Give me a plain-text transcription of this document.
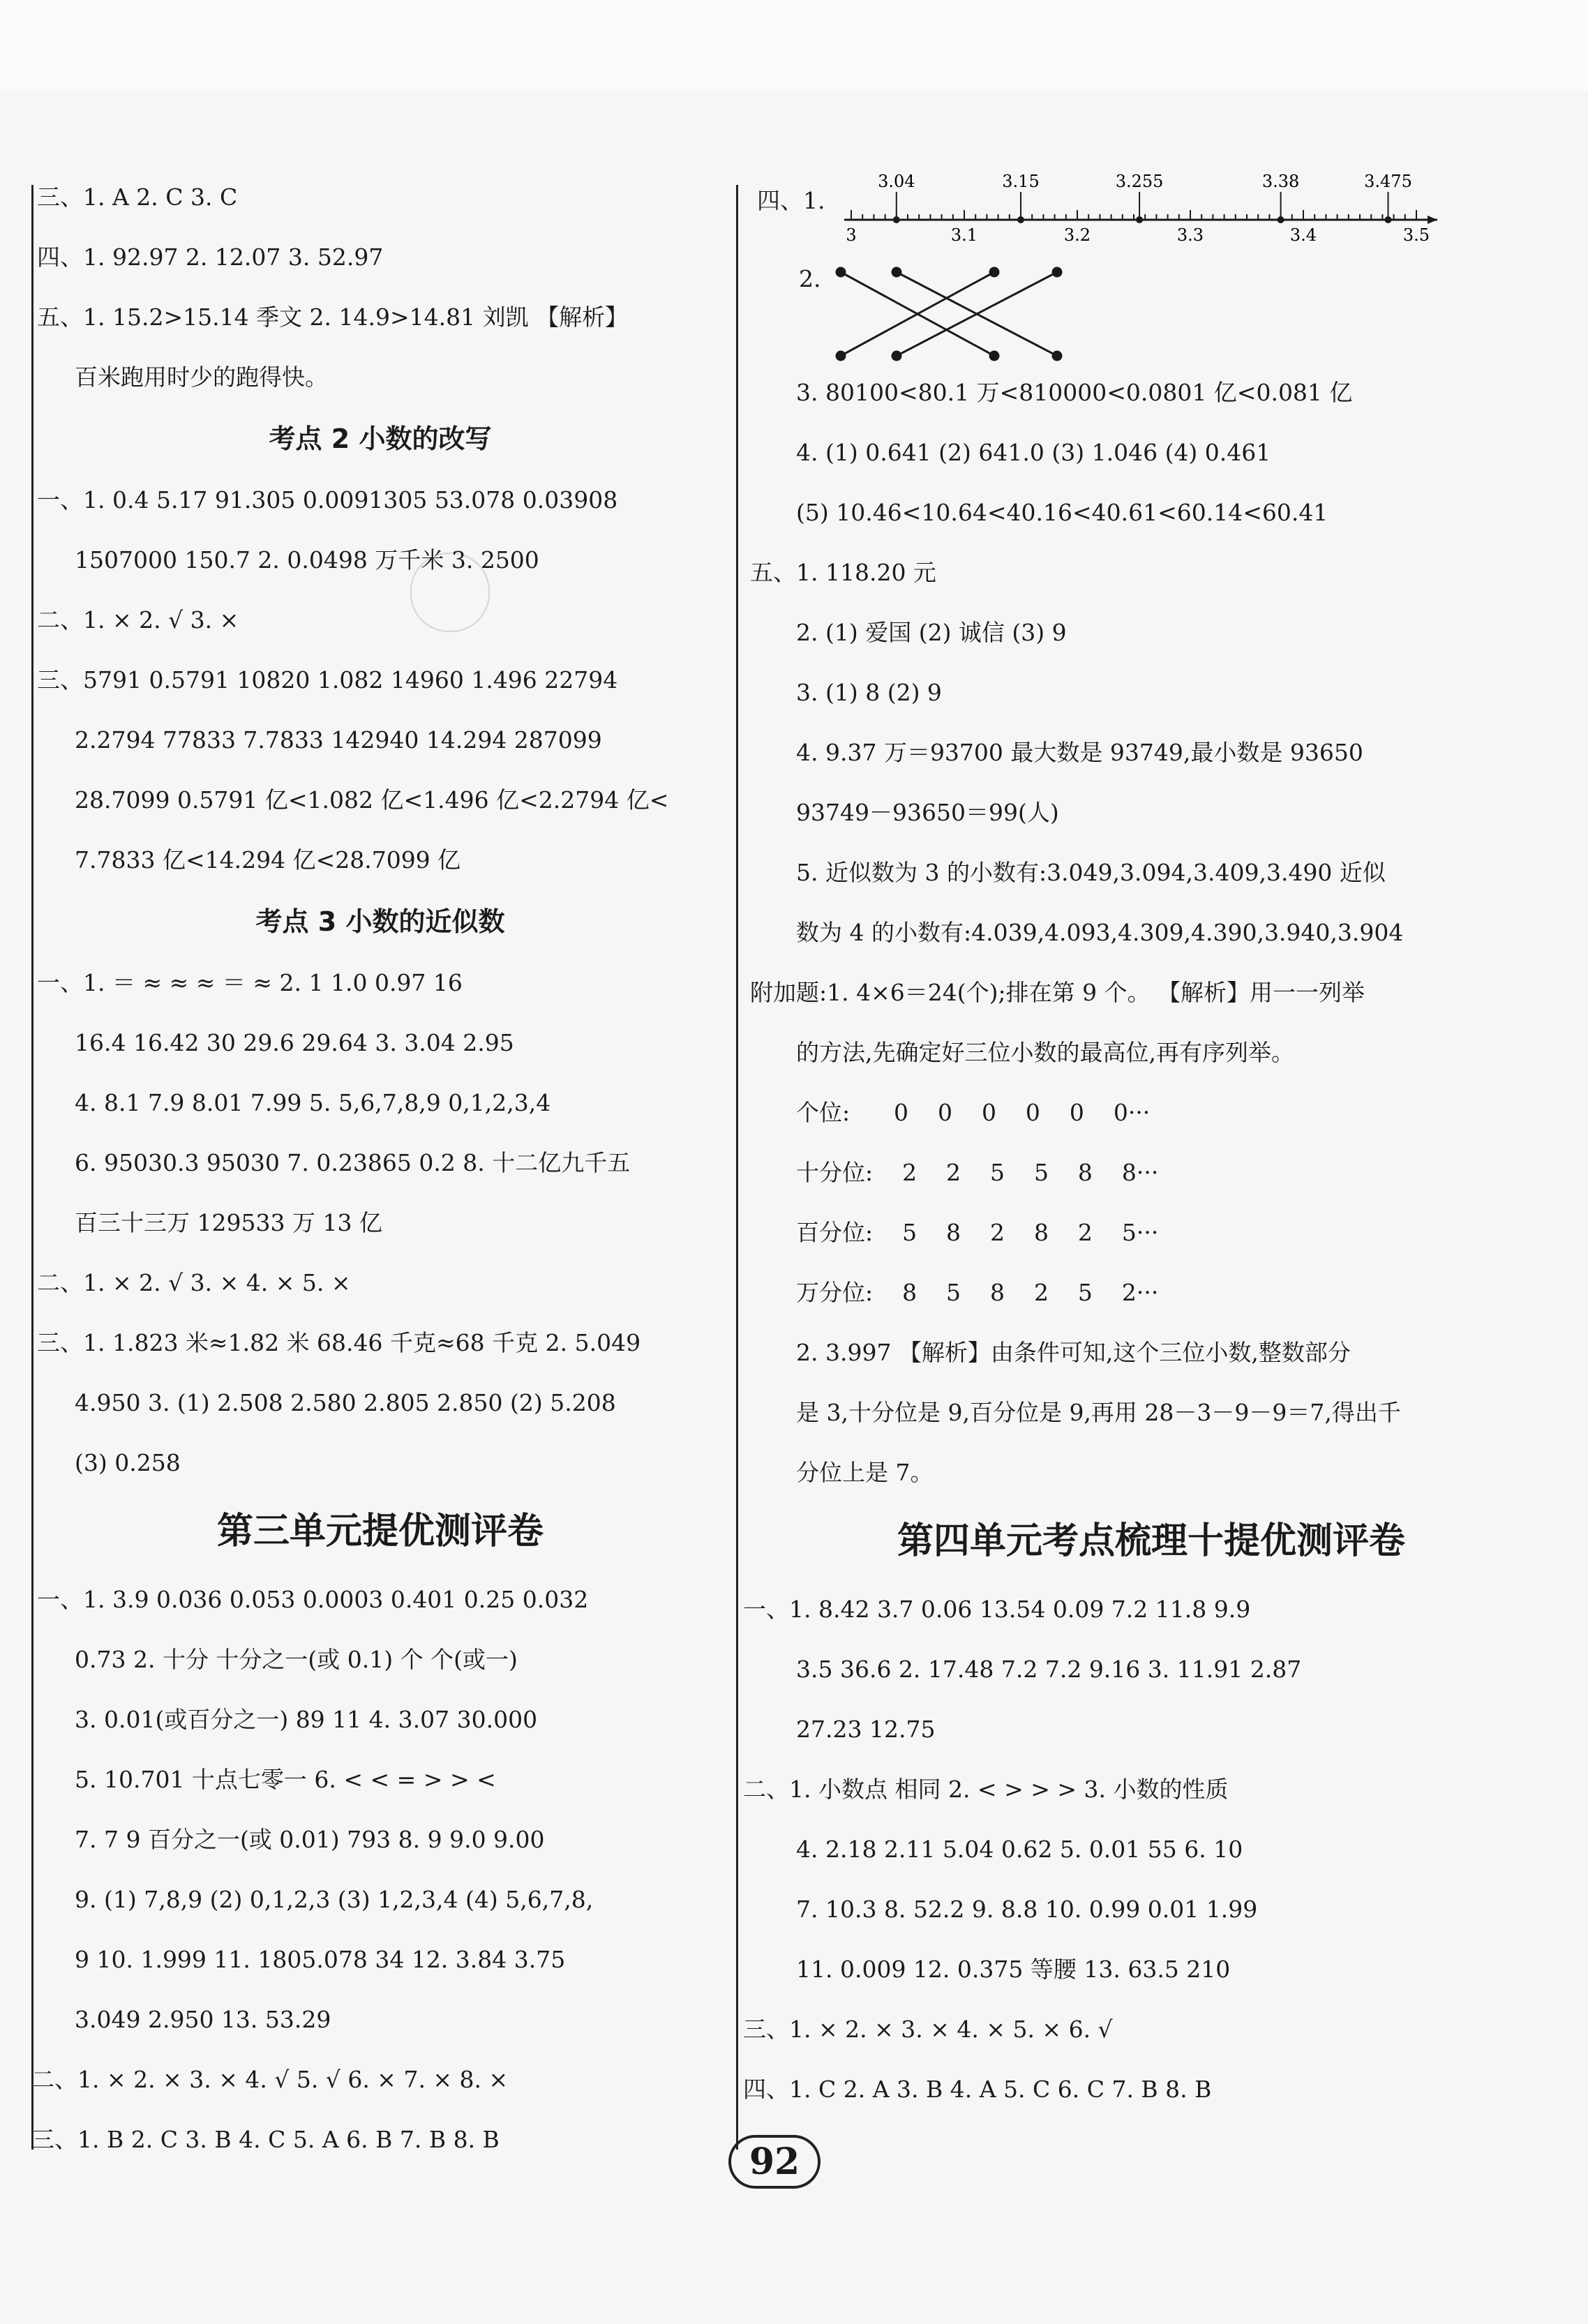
三、1. A 2. C 3. C
四、1. 92.97 2. 12.07 3. 52.97
五、1. 15.2>15.14 季文 2. 14.9>14.81 刘凯 【解析】
百米跑用时少的跑得快。
考点 2 小数的改写
一、1. 0.4 5.17 91.305 0.0091305 53.078 0.03908
1507000 150.7 2. 0.0498 万千米 3. 2500
二、1. × 2. √ 3. ×
三、5791 0.5791 10820 1.082 14960 1.496 22794
2.2794 77833 7.7833 142940 14.294 287099
28.7099 0.5791 亿<1.082 亿<1.496 亿<2.2794 亿<
7.7833 亿<14.294 亿<28.7099 亿
考点 3 小数的近似数
一、1. ＝ ≈ ≈ ≈ ＝ ≈ 2. 1 1.0 0.97 16
16.4 16.42 30 29.6 29.64 3. 3.04 2.95
4. 8.1 7.9 8.01 7.99 5. 5,6,7,8,9 0,1,2,3,4
6. 95030.3 95030 7. 0.23865 0.2 8. 十二亿九千五
百三十三万 129533 万 13 亿
二、1. × 2. √ 3. × 4. × 5. ×
三、1. 1.823 米≈1.82 米 68.46 千克≈68 千克 2. 5.049
4.950 3. (1) 2.508 2.580 2.805 2.850 (2) 5.208
(3) 0.258
第三单元提优测评卷
一、1. 3.9 0.036 0.053 0.0003 0.401 0.25 0.032
0.73 2. 十分 十分之一(或 0.1) 个 个(或一)
3. 0.01(或百分之一) 89 11 4. 3.07 30.000
5. 10.701 十点七零一 6. < < = > > <
7. 7 9 百分之一(或 0.01) 793 8. 9 9.0 9.00
9. (1) 7,8,9 (2) 0,1,2,3 (3) 1,2,3,4 (4) 5,6,7,8,
9 10. 1.999 11. 1805.078 34 12. 3.84 3.75
3.049 2.950 13. 53.29
二、1. × 2. × 3. × 4. √ 5. √ 6. × 7. × 8. ×
三、1. B 2. C 3. B 4. C 5. A 6. B 7. B 8. B
四、1.
3	3.1	3.2	3.3	3.4	3.5
3.04	3.15	3.255	3.38	3.475
2.
3. 80100<80.1 万<810000<0.0801 亿<0.081 亿
4. (1) 0.641 (2) 641.0 (3) 1.046 (4) 0.461
(5) 10.46<10.64<40.16<40.61<60.14<60.41
五、1. 118.20 元
2. (1) 爱国 (2) 诚信 (3) 9
3. (1) 8 (2) 9
4. 9.37 万＝93700 最大数是 93749,最小数是 93650
93749－93650＝99(人)
5. 近似数为 3 的小数有:3.049,3.094,3.409,3.490 近似
数为 4 的小数有:4.039,4.093,4.309,4.390,3.940,3.904
附加题:1. 4×6＝24(个);排在第 9 个。 【解析】用一一列举
的方法,先确定好三位小数的最高位,再有序列举。
个位:      0    0    0    0    0    0···
十分位:    2    2    5    5    8    8···
百分位:    5    8    2    8    2    5···
万分位:    8    5    8    2    5    2···
2. 3.997 【解析】由条件可知,这个三位小数,整数部分
是 3,十分位是 9,百分位是 9,再用 28－3－9－9＝7,得出千
分位上是 7。
第四单元考点梳理十提优测评卷
一、1. 8.42 3.7 0.06 13.54 0.09 7.2 11.8 9.9
3.5 36.6 2. 17.48 7.2 7.2 9.16 3. 11.91 2.87
27.23 12.75
二、1. 小数点 相同 2. < > > > 3. 小数的性质
4. 2.18 2.11 5.04 0.62 5. 0.01 55 6. 10
7. 10.3 8. 52.2 9. 8.8 10. 0.99 0.01 1.99
11. 0.009 12. 0.375 等腰 13. 63.5 210
三、1. × 2. × 3. × 4. × 5. × 6. √
四、1. C 2. A 3. B 4. A 5. C 6. C 7. B 8. B
92
